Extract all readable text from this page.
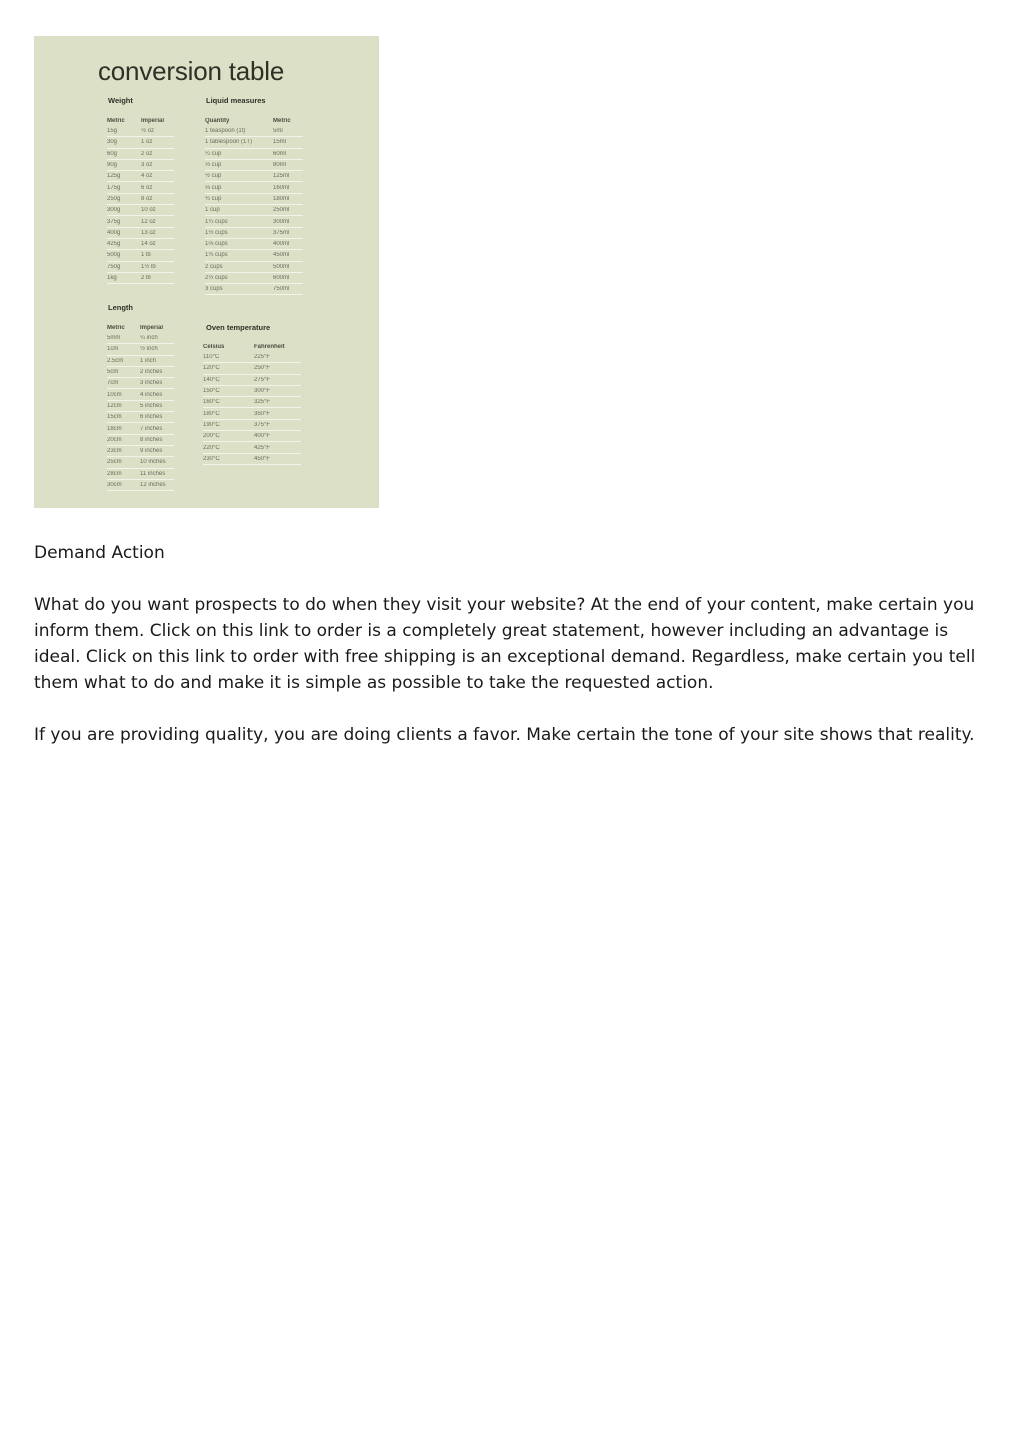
conversion table
Weight
Metric	Imperial
15g	½ oz
30g	1 oz
60g	2 oz
90g	3 oz
125g	4 oz
175g	6 oz
250g	8 oz
300g	10 oz
375g	12 oz
400g	13 oz
425g	14 oz
500g	1 lb
750g	1½ lb
1kg	2 lb
Length
Metric	Imperial
5mm	¼ inch
1cm	½ inch
2.5cm	1 inch
5cm	2 inches
7cm	3 inches
10cm	4 inches
12cm	5 inches
15cm	6 inches
18cm	7 inches
20cm	8 inches
23cm	9 inches
25cm	10 inches
28cm	11 inches
30cm	12 inches
Liquid measures
Quantity	Metric
1 teaspoon (1t)	5ml
1 tablespoon (1T)	15ml
¼ cup	60ml
⅓ cup	80ml
½ cup	125ml
⅔ cup	160ml
¾ cup	180ml
1 cup	250ml
1¼ cups	300ml
1½ cups	375ml
1⅔ cups	400ml
1¾ cups	450ml
2 cups	500ml
2½ cups	600ml
3 cups	750ml
Oven temperature
Celsius	Fahrenheit
110°C	225°F
120°C	250°F
140°C	275°F
150°C	300°F
160°C	325°F
180°C	350°F
190°C	375°F
200°C	400°F
220°C	425°F
230°C	450°F

Demand Action

What do you want prospects to do when they visit your website? At the end of your content, make certain you inform them. Click on this link to order is a completely great statement, however including an advantage is ideal. Click on this link to order with free shipping is an exceptional demand. Regardless, make certain you tell them what to do and make it is simple as possible to take the requested action.

If you are providing quality, you are doing clients a favor. Make certain the tone of your site shows that reality.
